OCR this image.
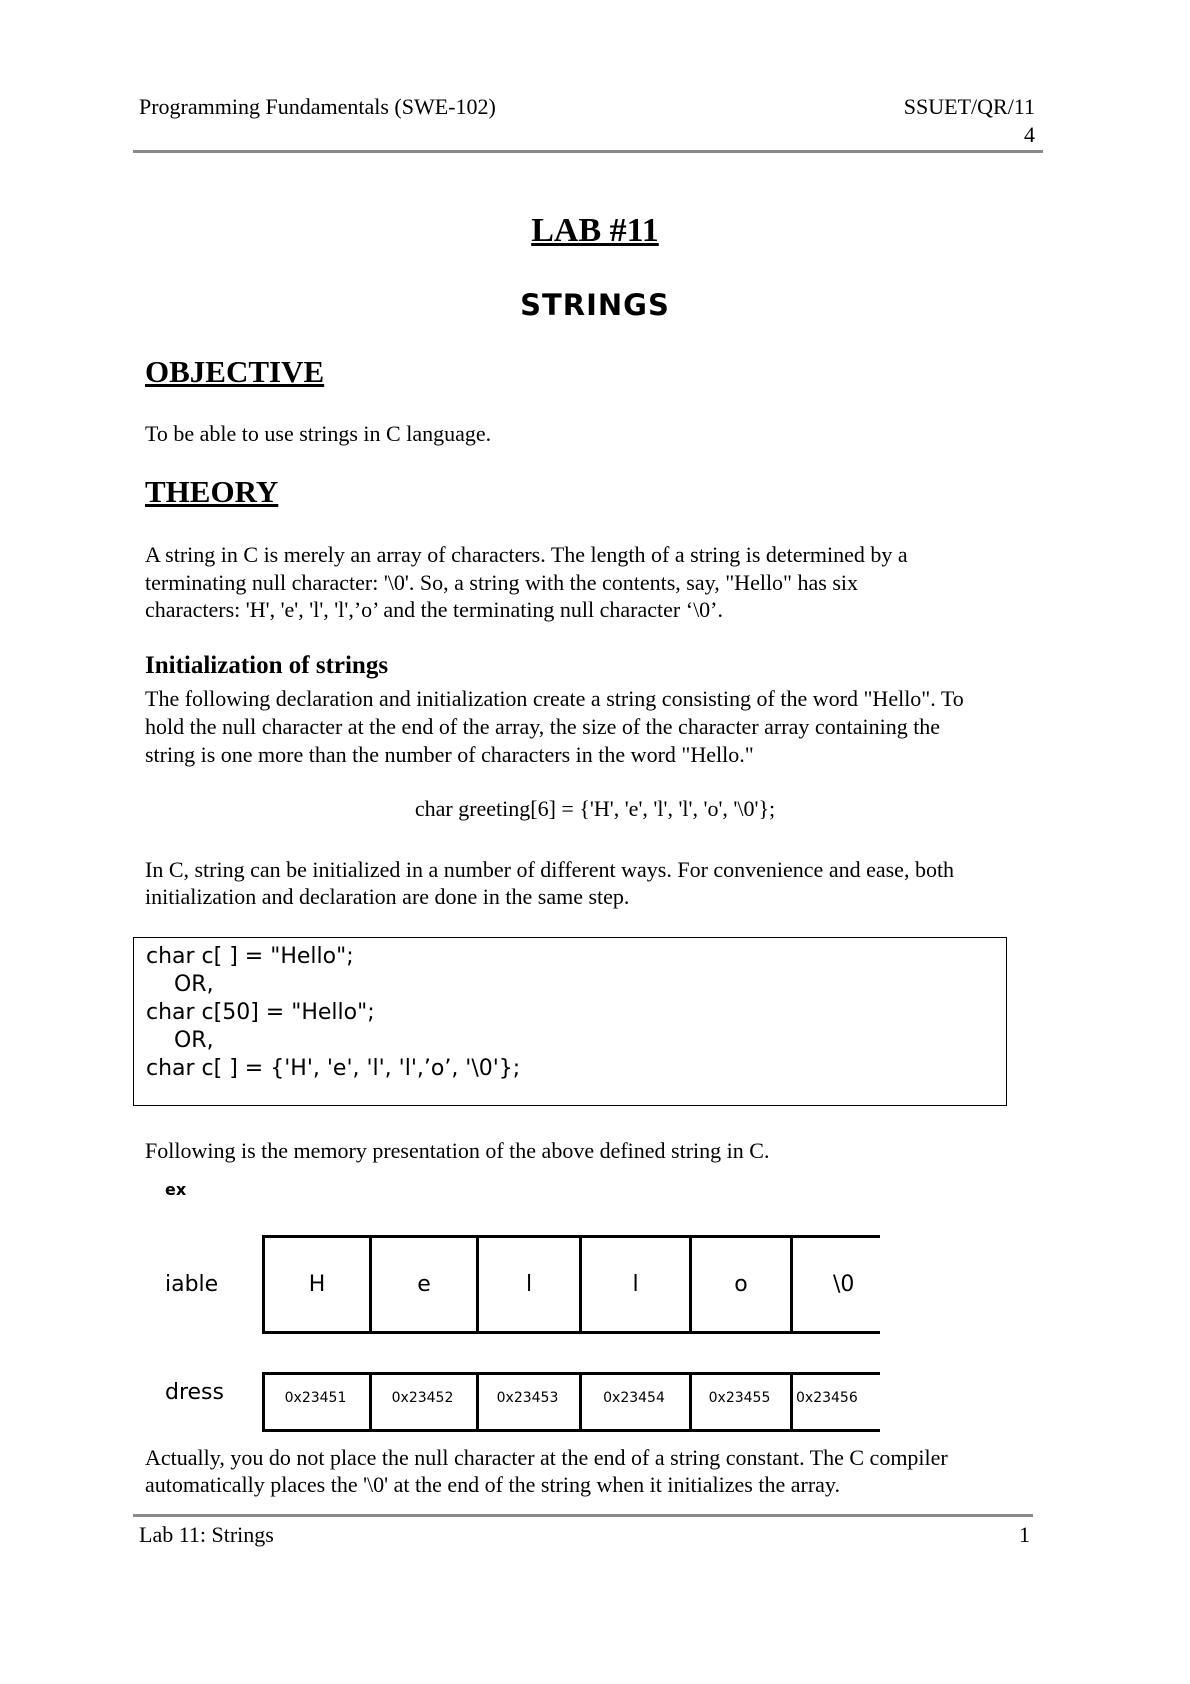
Programming Fundamentals (SWE-102)	SSUET/QR/11
4
LAB #11
STRINGS
OBJECTIVE
To be able to use strings in C language.
THEORY
A string in C is merely an array of characters. The length of a string is determined by a
terminating null character: '\0'. So, a string with the contents, say, "Hello" has six
characters: 'H', 'e', 'l', 'l',’o’ and the terminating null character ‘\0’.
Initialization of strings
The following declaration and initialization create a string consisting of the word "Hello". To
hold the null character at the end of the array, the size of the character array containing the
string is one more than the number of characters in the word "Hello."
char greeting[6] = {'H', 'e', 'l', 'l', 'o', '\0'};
In C, string can be initialized in a number of different ways. For convenience and ease, both
initialization and declaration are done in the same step.
char c[ ] = "Hello";
OR,
char c[50] = "Hello";
OR,
char c[ ] = {'H', 'e', 'l', 'l',’o’, '\0'};
Following is the memory presentation of the above defined string in C.
ex
iable
dress
H	e	l	l	o	\0
0x23451	0x23452	0x23453	0x23454	0x23455	0x23456
Actually, you do not place the null character at the end of a string constant. The C compiler
automatically places the '\0' at the end of the string when it initializes the array.
Lab 11: Strings	1
